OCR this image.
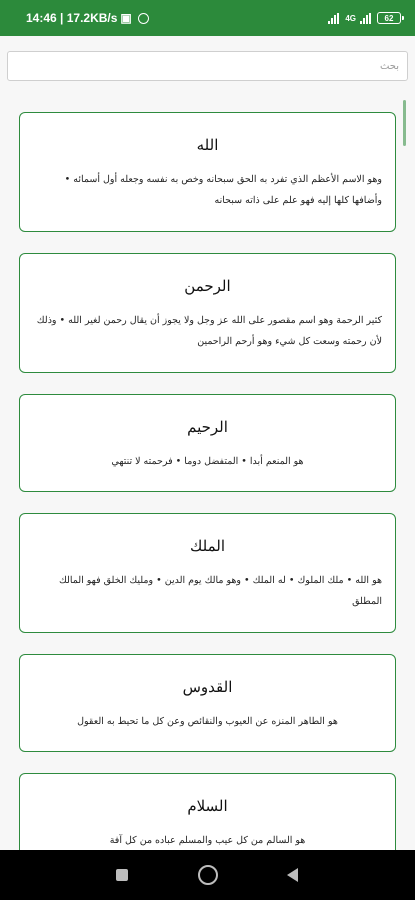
14:46 | 17.2KB/s ▣	4G	62
بحث
الله
وهو الاسم الأعظم الذي تفرد به الحق سبحانه وخص به نفسه وجعله أول أسمائه • وأضافها كلها إليه فهو علم على ذاته سبحانه
الرحمن
كثير الرحمة وهو اسم مقصور على الله عز وجل ولا يجوز أن يقال رحمن لغير الله • وذلك لأن رحمته وسعت كل شيء وهو أرحم الراحمين
الرحيم
هو المنعم أبدا • المتفضل دوما • فرحمته لا تنتهي
الملك
هو الله • ملك الملوك • له الملك • وهو مالك يوم الدين • ومليك الخلق فهو المالك المطلق
القدوس
هو الطاهر المنزه عن العيوب والنقائص وعن كل ما تحيط به العقول
السلام
هو السالم من كل عيب والمسلم عباده من كل آفة
